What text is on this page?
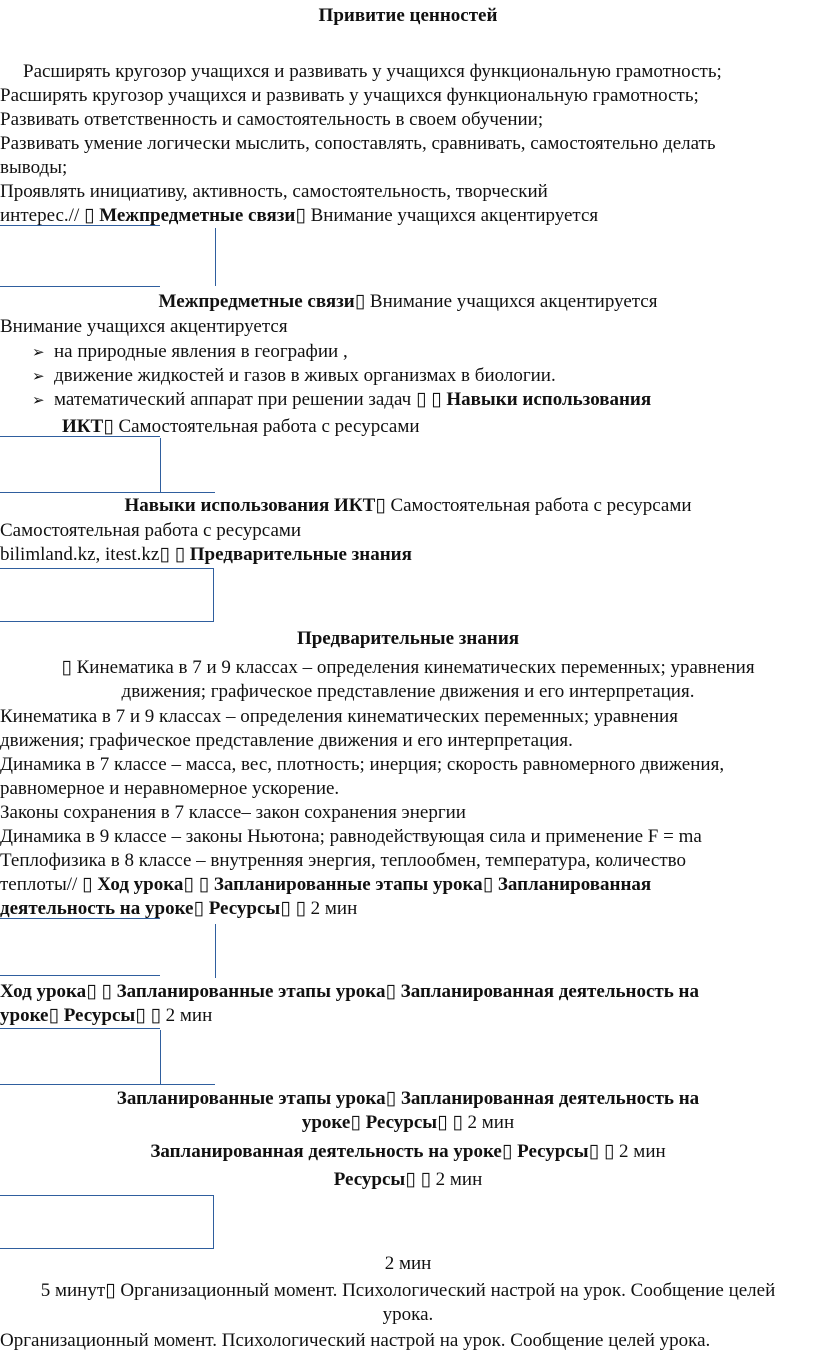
Привитие ценностей
 Расширять кругозор учащихся и развивать у учащихся функциональную грамотность;
Расширять кругозор учащихся и развивать у учащихся функциональную грамотность;
Развивать ответственность и самостоятельность в своем обучении;
Развивать умение логически мыслить, сопоставлять, сравнивать, самостоятельно делать
выводы;
Проявлять инициативу, активность, самостоятельность, творческий
интерес.// ▯ Межпредметные связи▯ Внимание учащихся акцентируется
Межпредметные связи▯ Внимание учащихся акцентируется
Внимание учащихся акцентируется
➢ на природные явления в географии ,
➢ движение жидкостей и газов в живых организмах в биологии.
➢ математический аппарат при решении задач ▯ ▯ Навыки использования
ИКТ▯ Самостоятельная работа с ресурсами
Навыки использования ИКТ▯ Самостоятельная работа с ресурсами
Самостоятельная работа с ресурсами
bilimland.kz, itest.kz▯ ▯ Предварительные знания
Предварительные знания
▯ Кинематика в 7 и 9 классах – определения кинематических переменных; уравнения
движения; графическое представление движения и его интерпретация.
Кинематика в 7 и 9 классах – определения кинематических переменных; уравнения
движения; графическое представление движения и его интерпретация.
Динамика в 7 классе – масса, вес, плотность; инерция; скорость равномерного движения,
равномерное и неравномерное ускорение.
Законы сохранения в 7 классе– закон сохранения энергии
Динамика в 9 классе – законы Ньютона; равнодействующая сила и применение F = ma
Теплофизика в 8 классе – внутренняя энергия, теплообмен, температура, количество
теплоты// ▯ Ход урока▯ ▯ Запланированные этапы урока▯ Запланированная
деятельность на уроке▯ Ресурсы▯ ▯ 2 мин
Ход урока▯ ▯ Запланированные этапы урока▯ Запланированная деятельность на
уроке▯ Ресурсы▯ ▯ 2 мин
Запланированные этапы урока▯ Запланированная деятельность на
уроке▯ Ресурсы▯ ▯ 2 мин
Запланированная деятельность на уроке▯ Ресурсы▯ ▯ 2 мин
Ресурсы▯ ▯ 2 мин
2 мин
5 минут▯ Организационный момент. Психологический настрой на урок. Сообщение целей
урока.
Организационный момент. Психологический настрой на урок. Сообщение целей урока.
